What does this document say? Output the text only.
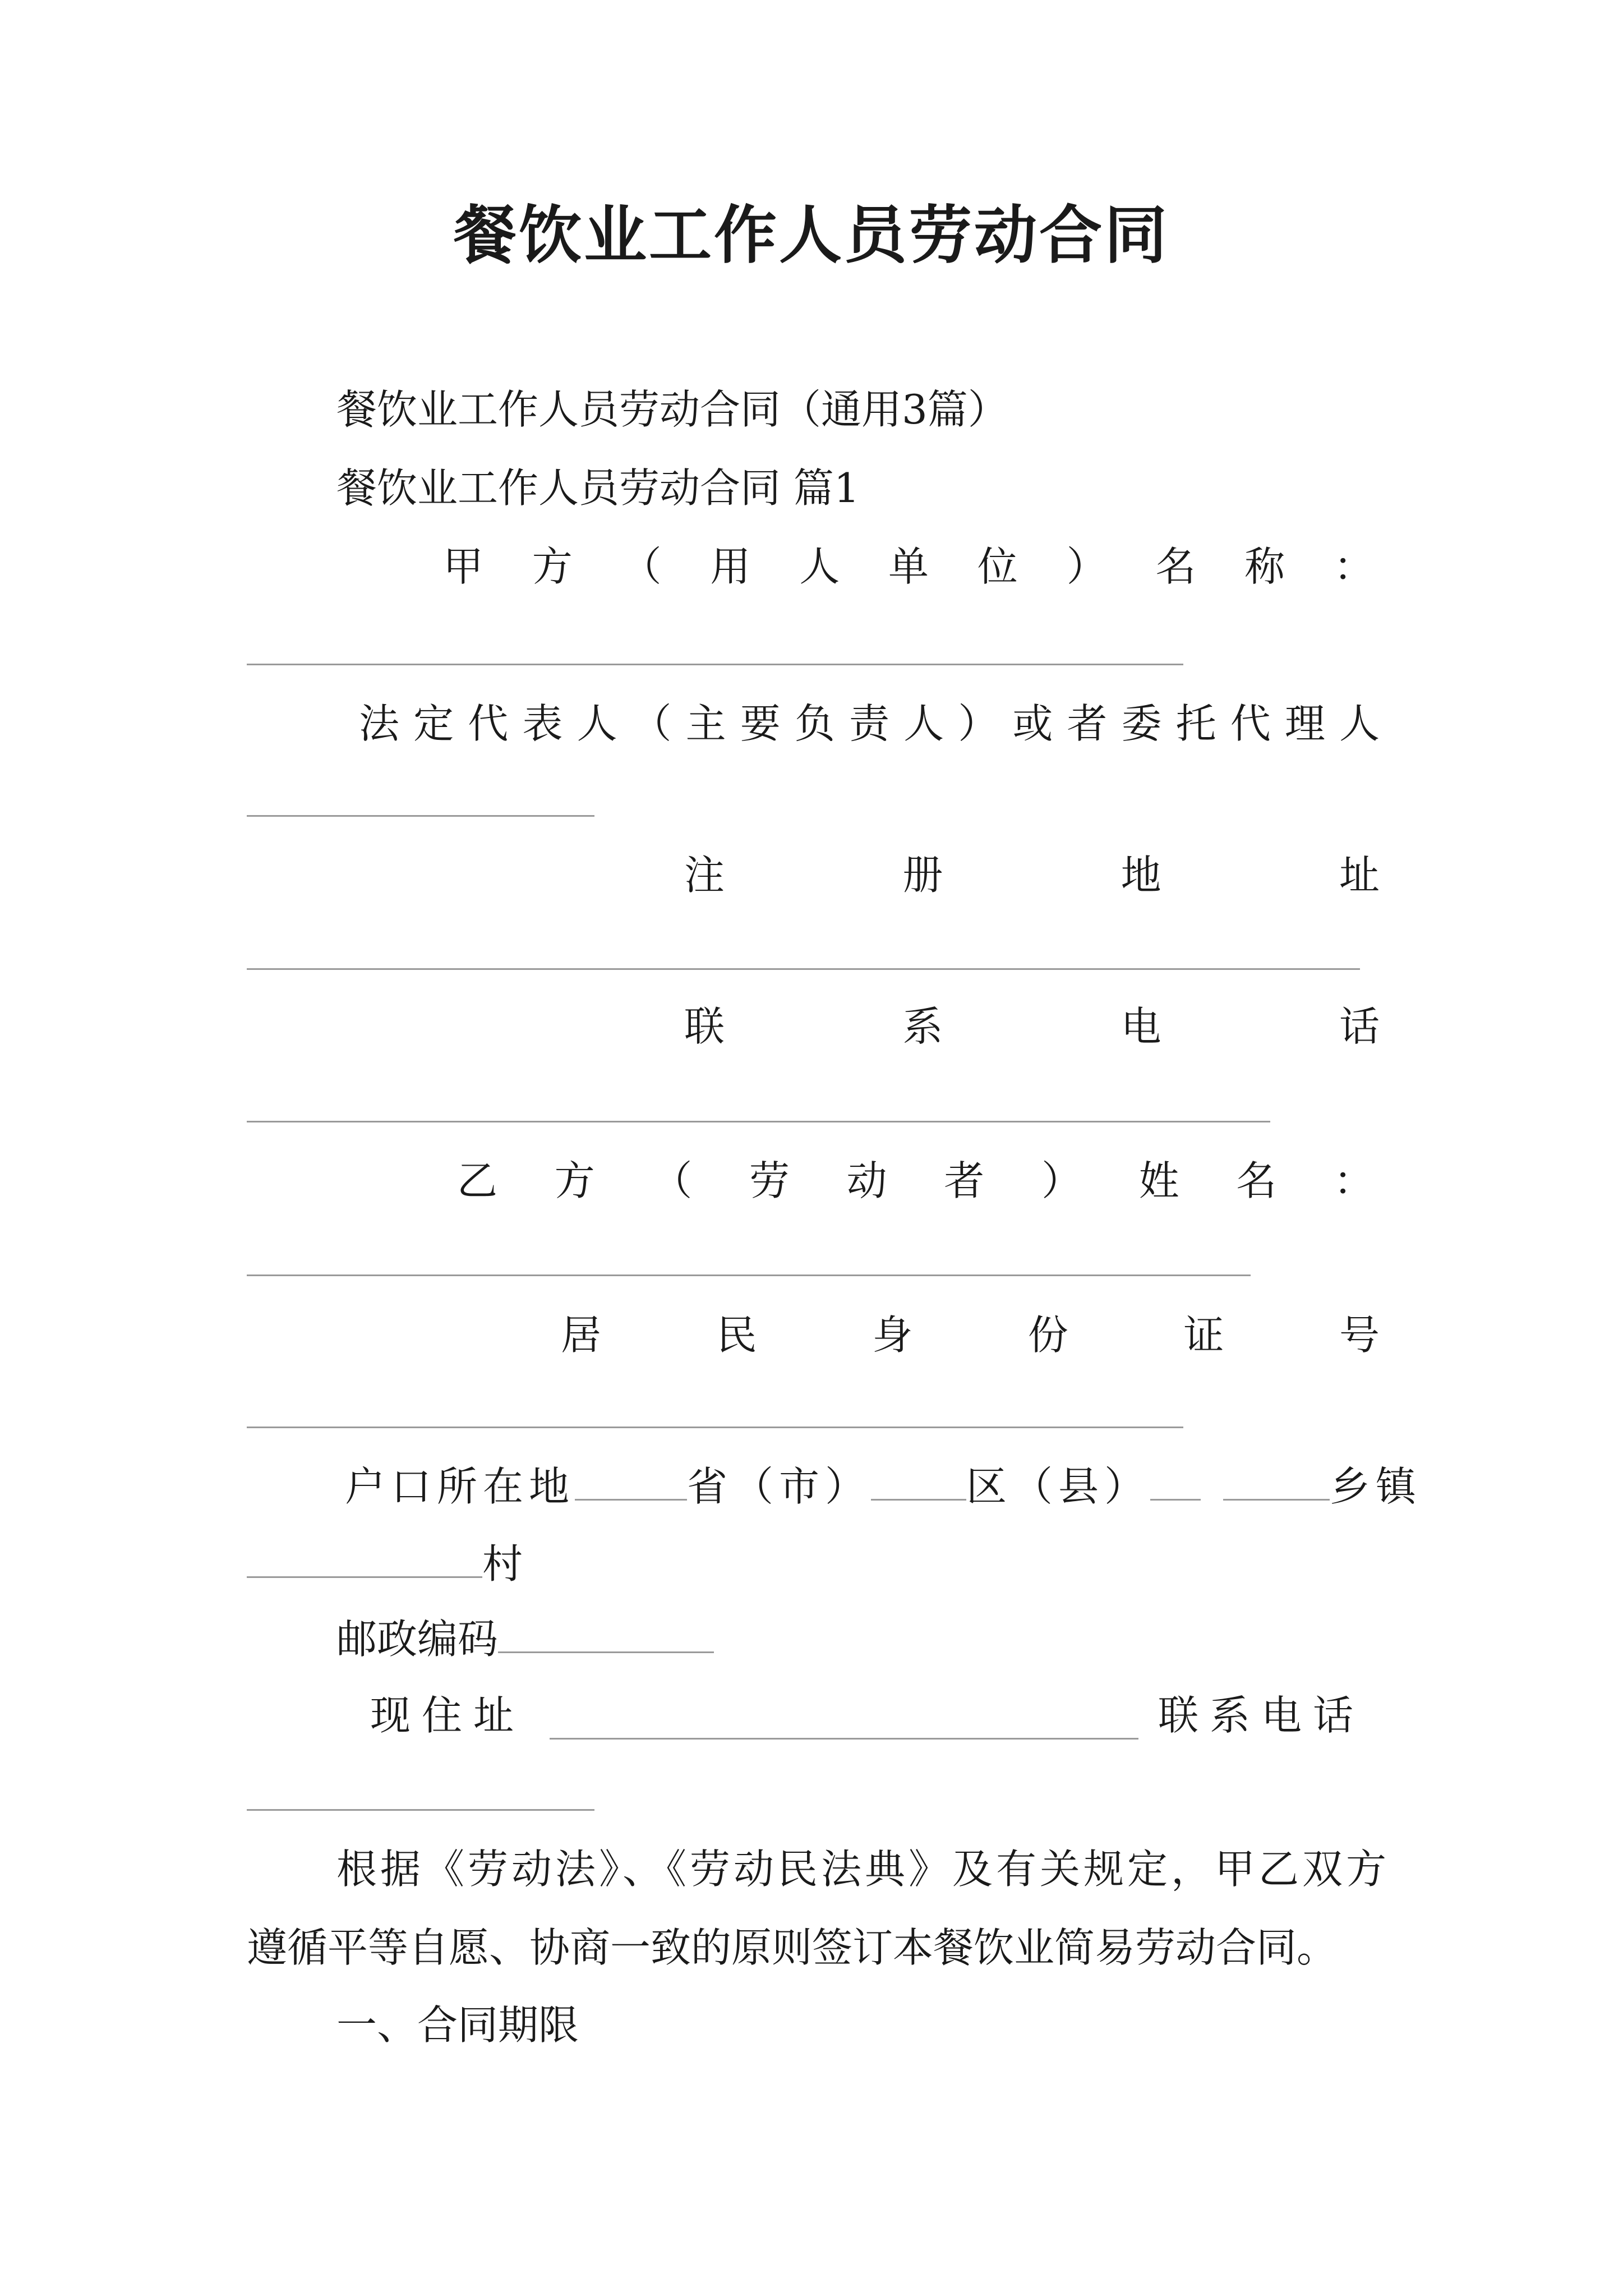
餐饮业工作人员劳动合同
餐饮业工作人员劳动合同（通用3篇）
餐饮业工作人员劳动合同 篇1
甲 方 （ 用 人 单 位 ） 名 称 ：
法 定 代 表 人 （ 主 要 负 责 人 ） 或 者 委 托 代 理 人
注	册	地	址
联	系	电	话
乙 方 （ 劳 动 者 ） 姓 名 ：
居	民	身	份	证	号
户口所在地	省（市） 区（县）	乡镇
村
邮政编码
现住址	联系电话
根据《劳动法》、《劳动民法典》及有关规定，甲乙双方
遵循平等自愿、协商一致的原则签订本餐饮业简易劳动合同。
一、合同期限
